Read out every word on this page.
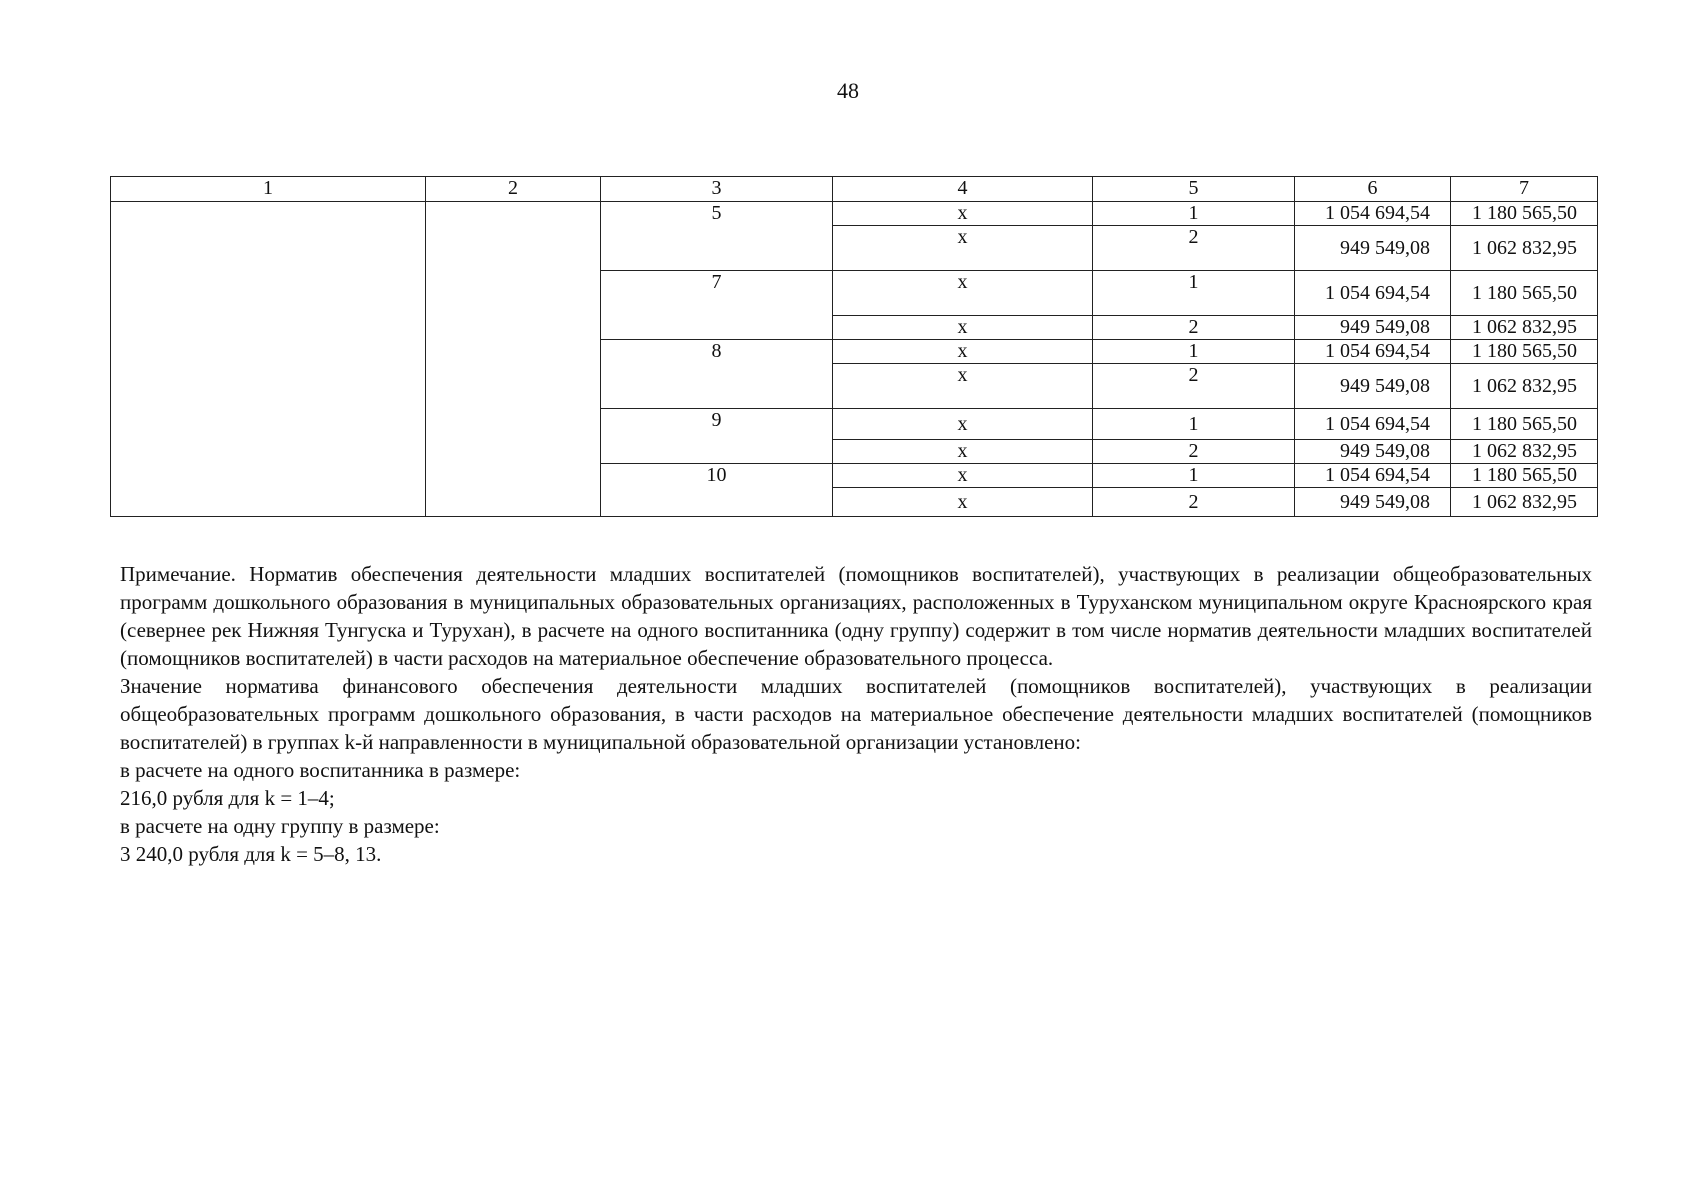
48
1	2	3	4	5	6	7
		5	х	1	1 054 694,54	1 180 565,50
			х	2	949 549,08	1 062 832,95
		7	х	1	1 054 694,54	1 180 565,50
			х	2	949 549,08	1 062 832,95
		8	х	1	1 054 694,54	1 180 565,50
			х	2	949 549,08	1 062 832,95
		9	х	1	1 054 694,54	1 180 565,50
			х	2	949 549,08	1 062 832,95
		10	х	1	1 054 694,54	1 180 565,50
			х	2	949 549,08	1 062 832,95

Примечание. Норматив обеспечения деятельности младших воспитателей (помощников воспитателей), участвующих в реализации общеобразовательных программ дошкольного образования в муниципальных образовательных организациях, расположенных в Туруханском муниципальном округе Красноярского края (севернее рек Нижняя Тунгуска и Турухан), в расчете на одного воспитанника (одну группу) содержит в том числе норматив деятельности младших воспитателей (помощников воспитателей) в части расходов на материальное обеспечение образовательного процесса.

Значение норматива финансового обеспечения деятельности младших воспитателей (помощников воспитателей), участвующих в реализации общеобразовательных программ дошкольного образования, в части расходов на материальное обеспечение деятельности младших воспитателей (помощников воспитателей) в группах k-й направленности в муниципальной образовательной организации установлено:

в расчете на одного воспитанника в размере:

216,0 рубля для k = 1–4;

в расчете на одну группу в размере:

3 240,0 рубля для k = 5–8, 13.
